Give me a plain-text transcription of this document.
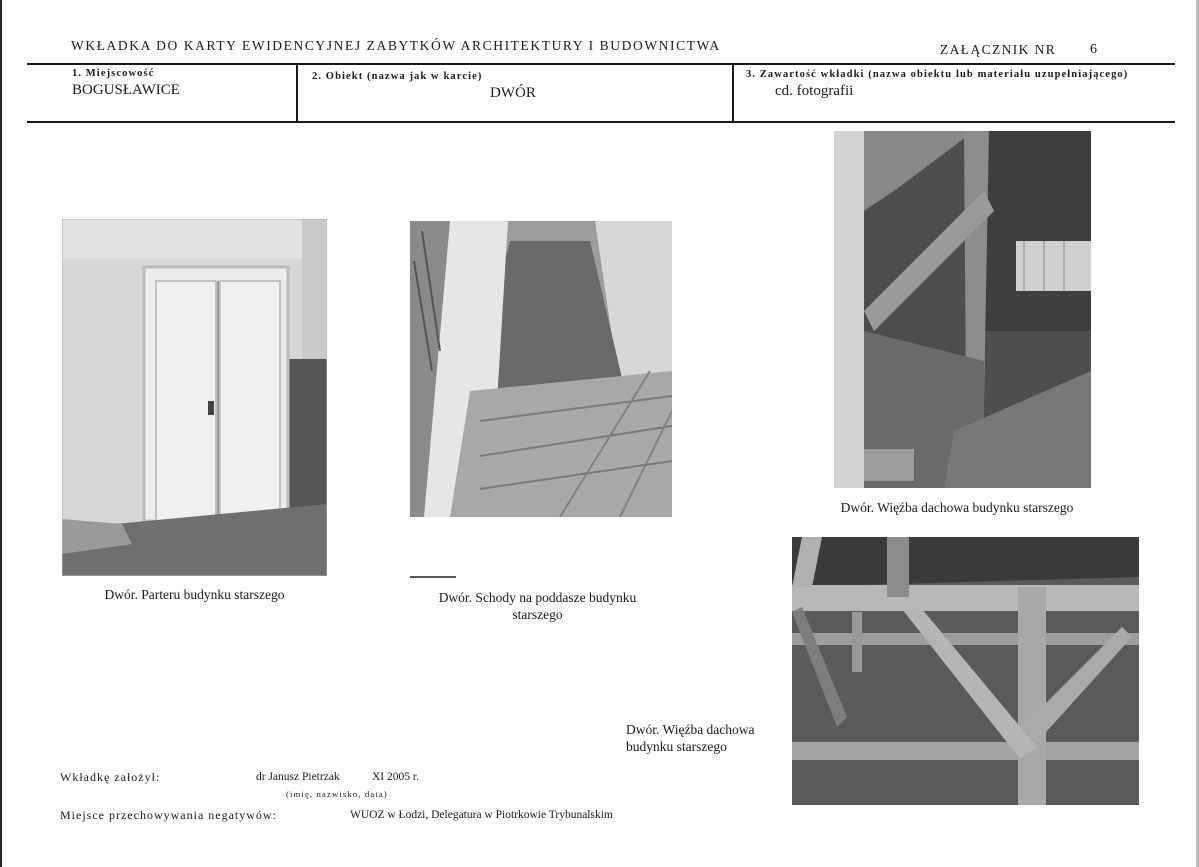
WKŁADKA DO KARTY EWIDENCYJNEJ ZABYTKÓW ARCHITEKTURY I BUDOWNICTWA	ZAŁĄCZNIK NR 6
1. Miejscowość
BOGUSŁAWICE
2. Obiekt (nazwa jak w karcie)
DWÓR
3. Zawartość wkładki (nazwa obiektu lub materiału uzupełniającego)
cd. fotografii
Dwór. Parteru budynku starszego	Dwór. Schody na poddasze budynku
starszego
Dwór. Więźba dachowa budynku starszego
Dwór. Więźba dachowa
budynku starszego
Wkładkę założył:	dr Janusz Pietrzak	XI 2005 r.
(imię, nazwisko, data)
Miejsce przechowywania negatywów:	WUOZ w Łodzi, Delegatura w Piotrkowie Trybunalskim
